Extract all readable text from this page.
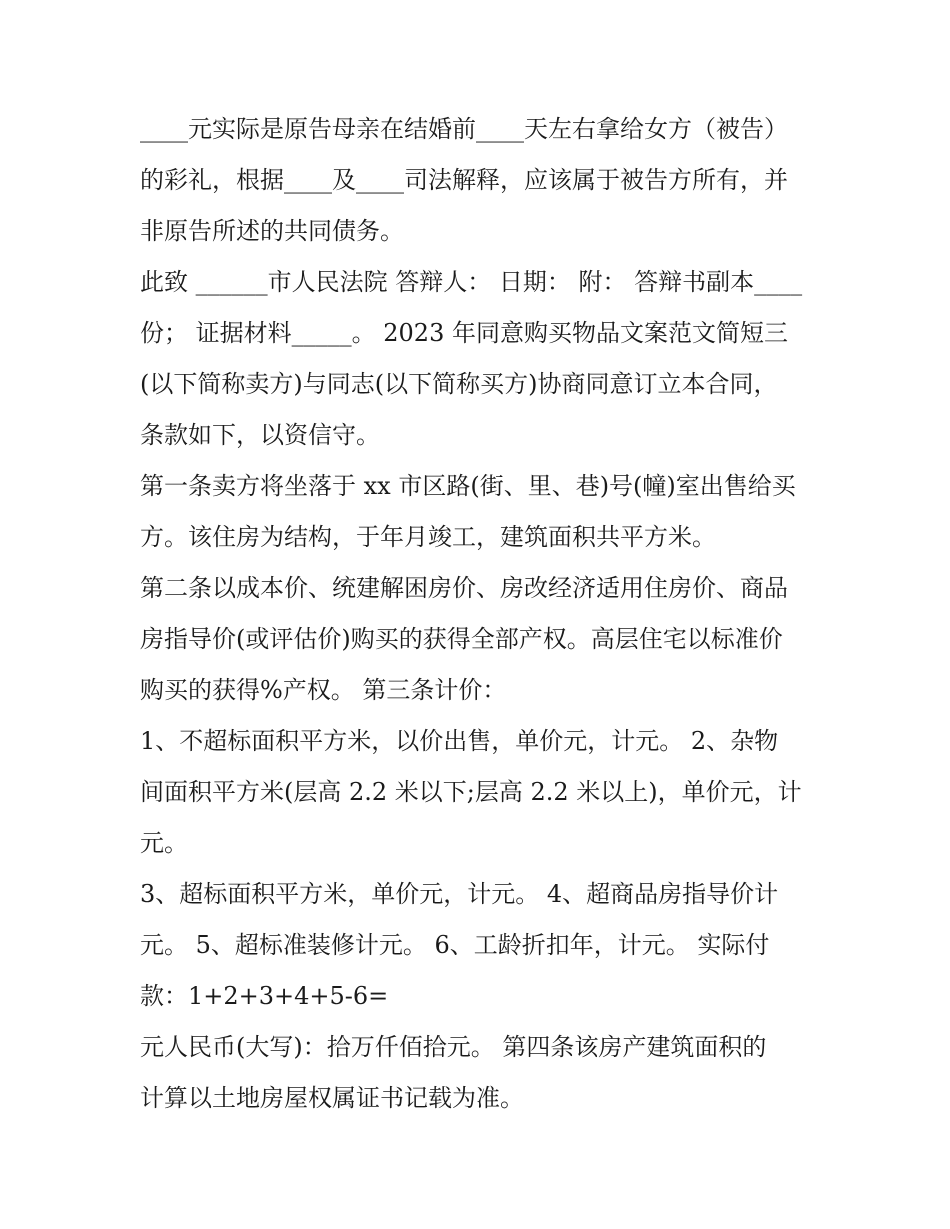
____元实际是原告母亲在结婚前____天左右拿给女方（被告）
的彩礼，根据____及____司法解释，应该属于被告方所有，并
非原告所述的共同债务。
此致 ______市人民法院 答辩人： 日期： 附： 答辩书副本____
份； 证据材料_____。 2023 年同意购买物品文案范文简短三
(以下简称卖方)与同志(以下简称买方)协商同意订立本合同，
条款如下，以资信守。
第一条卖方将坐落于 xx 市区路(街、里、巷)号(幢)室出售给买
方。该住房为结构，于年月竣工，建筑面积共平方米。
第二条以成本价、统建解困房价、房改经济适用住房价、商品
房指导价(或评估价)购买的获得全部产权。高层住宅以标准价
购买的获得%产权。 第三条计价：
1、不超标面积平方米，以价出售，单价元，计元。 2、杂物
间面积平方米(层高 2.2 米以下;层高 2.2 米以上)，单价元，计
元。
3、超标面积平方米，单价元，计元。 4、超商品房指导价计
元。 5、超标准装修计元。 6、工龄折扣年，计元。 实际付
款：1+2+3+4+5-6=
元人民币(大写)：拾万仟佰拾元。 第四条该房产建筑面积的
计算以土地房屋权属证书记载为准。
